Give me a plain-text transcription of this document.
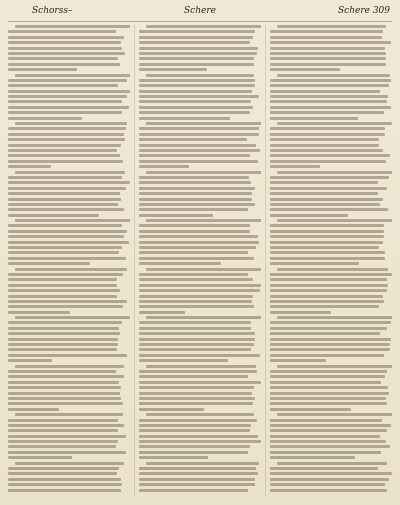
Schorss–	Schere	Schere 309
